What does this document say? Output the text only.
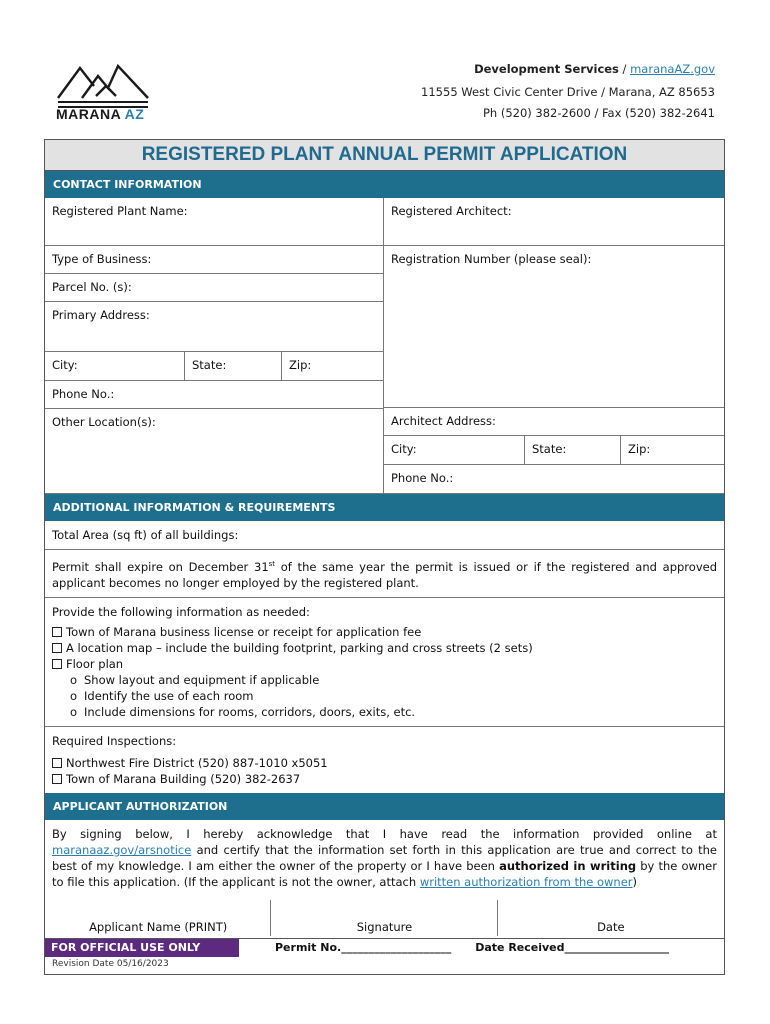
MARANA AZ
Development Services / maranaAZ.gov
11555 West Civic Center Drive / Marana, AZ 85653
Ph (520) 382-2600 / Fax (520) 382-2641
REGISTERED PLANT ANNUAL PERMIT APPLICATION
CONTACT INFORMATION
Registered Plant Name:
Type of Business:
Parcel No. (s):
Primary Address:
City:	State:	Zip:
Phone No.:
Other Location(s):
Registered Architect:
Registration Number (please seal):
Architect Address:
City:	State:	Zip:
Phone No.:
ADDITIONAL INFORMATION & REQUIREMENTS
Total Area (sq ft) of all buildings:
Permit shall expire on December 31st of the same year the permit is issued or if the registered and approved applicant becomes no longer employed by the registered plant.
Provide the following information as needed:
Town of Marana business license or receipt for application fee
A location map – include the building footprint, parking and cross streets (2 sets)
Floor plan
o Show layout and equipment if applicable
o Identify the use of each room
o Include dimensions for rooms, corridors, doors, exits, etc.
Required Inspections:
Northwest Fire District (520) 887-1010 x5051
Town of Marana Building (520) 382-2637
APPLICANT AUTHORIZATION
By signing below, I hereby acknowledge that I have read the information provided online at maranaaz.gov/arsnotice and certify that the information set forth in this application are true and correct to the best of my knowledge. I am either the owner of the property or I have been authorized in writing by the owner to file this application. (If the applicant is not the owner, attach written authorization from the owner)
Applicant Name (PRINT)	Signature	Date
FOR OFFICIAL USE ONLY	Permit No.____________________ Date Received___________________
Revision Date 05/16/2023
